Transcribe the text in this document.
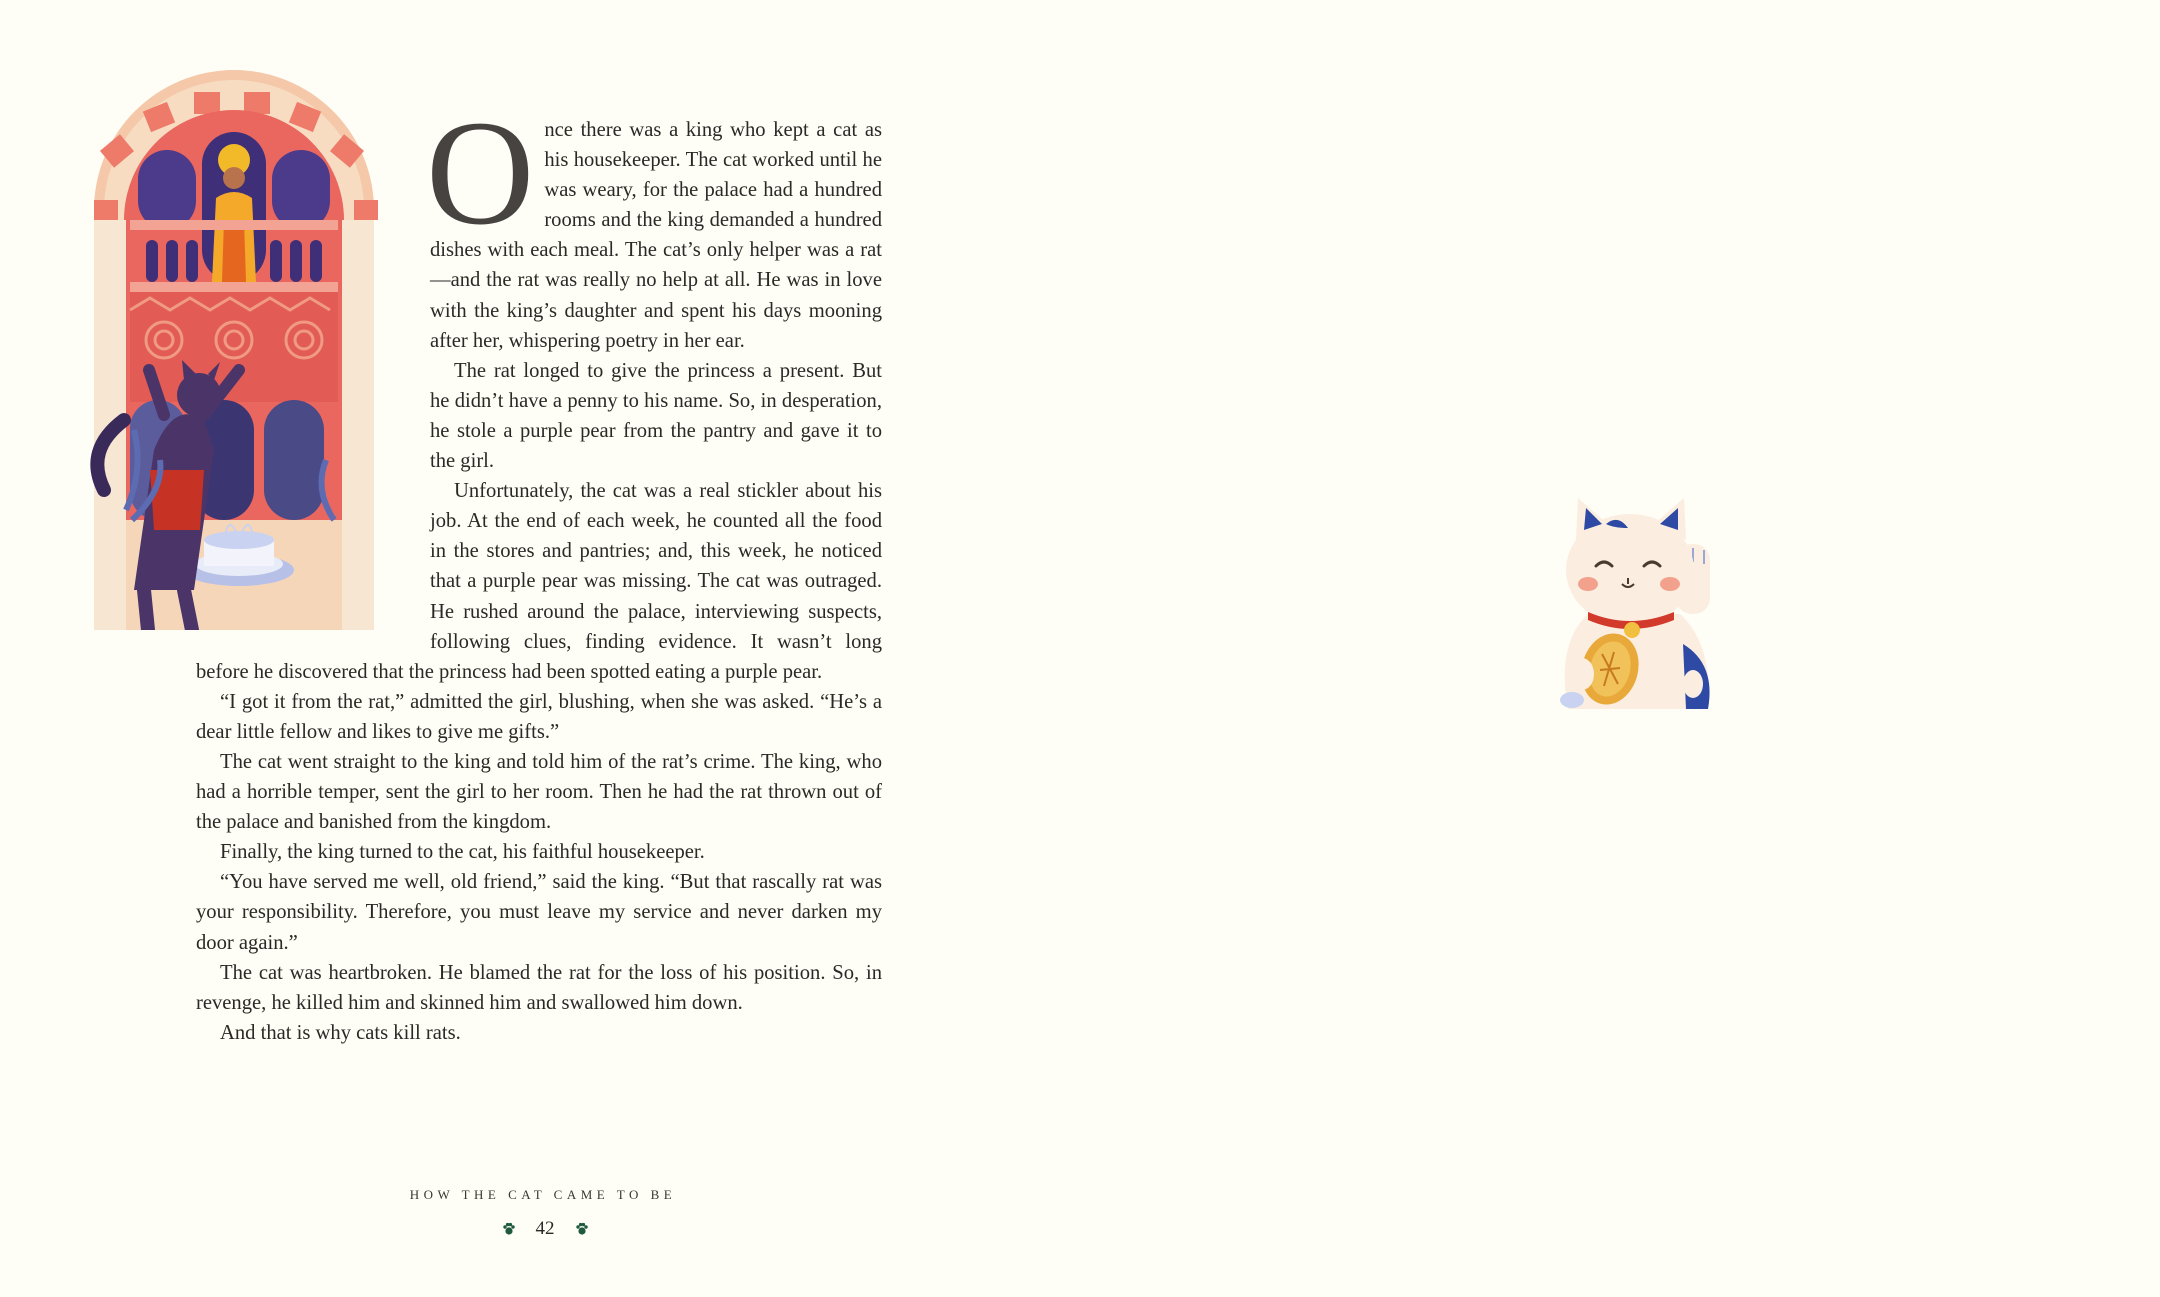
Once there was a king who kept a cat as his housekeeper. The cat worked until he was weary, for the palace had a hundred rooms and the king demanded a hundred dishes with each meal. The cat’s only helper was a rat—and the rat was really no help at all. He was in love with the king’s daughter and spent his days mooning after her, whispering poetry in her ear.

The rat longed to give the princess a present. But he didn’t have a penny to his name. So, in desperation, he stole a purple pear from the pantry and gave it to the girl.

Unfortunately, the cat was a real stickler about his job. At the end of each week, he counted all the food in the stores and pantries; and, this week, he noticed that a purple pear was missing. The cat was outraged. He rushed around the palace, interviewing suspects, following clues, finding evidence. It wasn’t long before he discovered that the princess had been spotted eating a purple pear.

“I got it from the rat,” admitted the girl, blushing, when she was asked. “He’s a dear little fellow and likes to give me gifts.”

The cat went straight to the king and told him of the rat’s crime. The king, who had a horrible temper, sent the girl to her room. Then he had the rat thrown out of the palace and banished from the kingdom.

Finally, the king turned to the cat, his faithful housekeeper.

“You have served me well, old friend,” said the king. “But that rascally rat was your responsibility. Therefore, you must leave my service and never darken my door again.”

The cat was heartbroken. He blamed the rat for the loss of his position. So, in revenge, he killed him and skinned him and swallowed him down.

And that is why cats kill rats.

HOW THE CAT CAME TO BE
42
